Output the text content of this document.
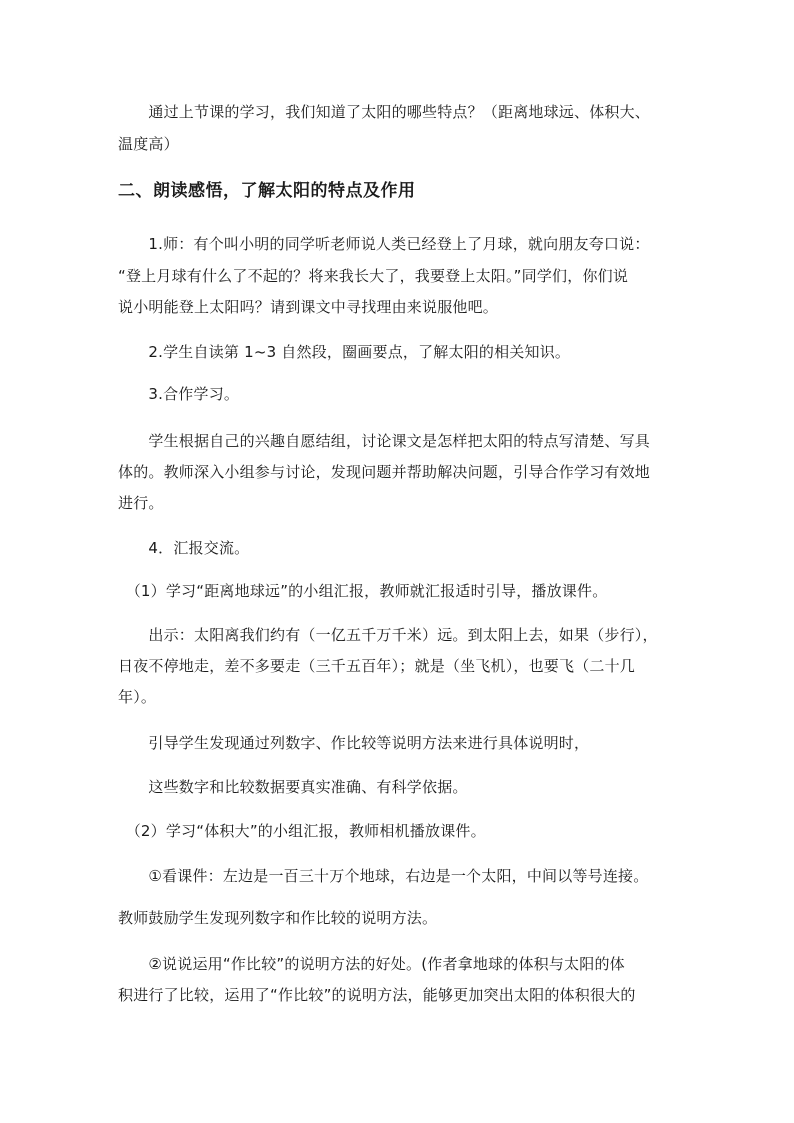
　　通过上节课的学习，我们知道了太阳的哪些特点？（距离地球远、体积大、
温度高）
二、朗读感悟，了解太阳的特点及作用
　　1.师：有个叫小明的同学听老师说人类已经登上了月球，就向朋友夸口说：
“登上月球有什么了不起的？将来我长大了，我要登上太阳。”同学们，你们说
说小明能登上太阳吗？请到课文中寻找理由来说服他吧。
　　2.学生自读第 1~3 自然段，圈画要点，了解太阳的相关知识。
　　3.合作学习。
　　学生根据自己的兴趣自愿结组，讨论课文是怎样把太阳的特点写清楚、写具
体的。教师深入小组参与讨论，发现问题并帮助解决问题，引导合作学习有效地
进行。
　　4．汇报交流。
　（1）学习“距离地球远”的小组汇报，教师就汇报适时引导，播放课件。
　　出示：太阳离我们约有（一亿五千万千米）远。到太阳上去，如果（步行），
日夜不停地走，差不多要走（三千五百年）；就是（坐飞机），也要飞（二十几
年）。
　　引导学生发现通过列数字、作比较等说明方法来进行具体说明时，
　　这些数字和比较数据要真实准确、有科学依据。
　（2）学习“体积大”的小组汇报，教师相机播放课件。
　　①看课件：左边是一百三十万个地球，右边是一个太阳，中间以等号连接。
教师鼓励学生发现列数字和作比较的说明方法。
　　②说说运用“作比较”的说明方法的好处。(作者拿地球的体积与太阳的体
积进行了比较，运用了“作比较”的说明方法，能够更加突出太阳的体积很大的
